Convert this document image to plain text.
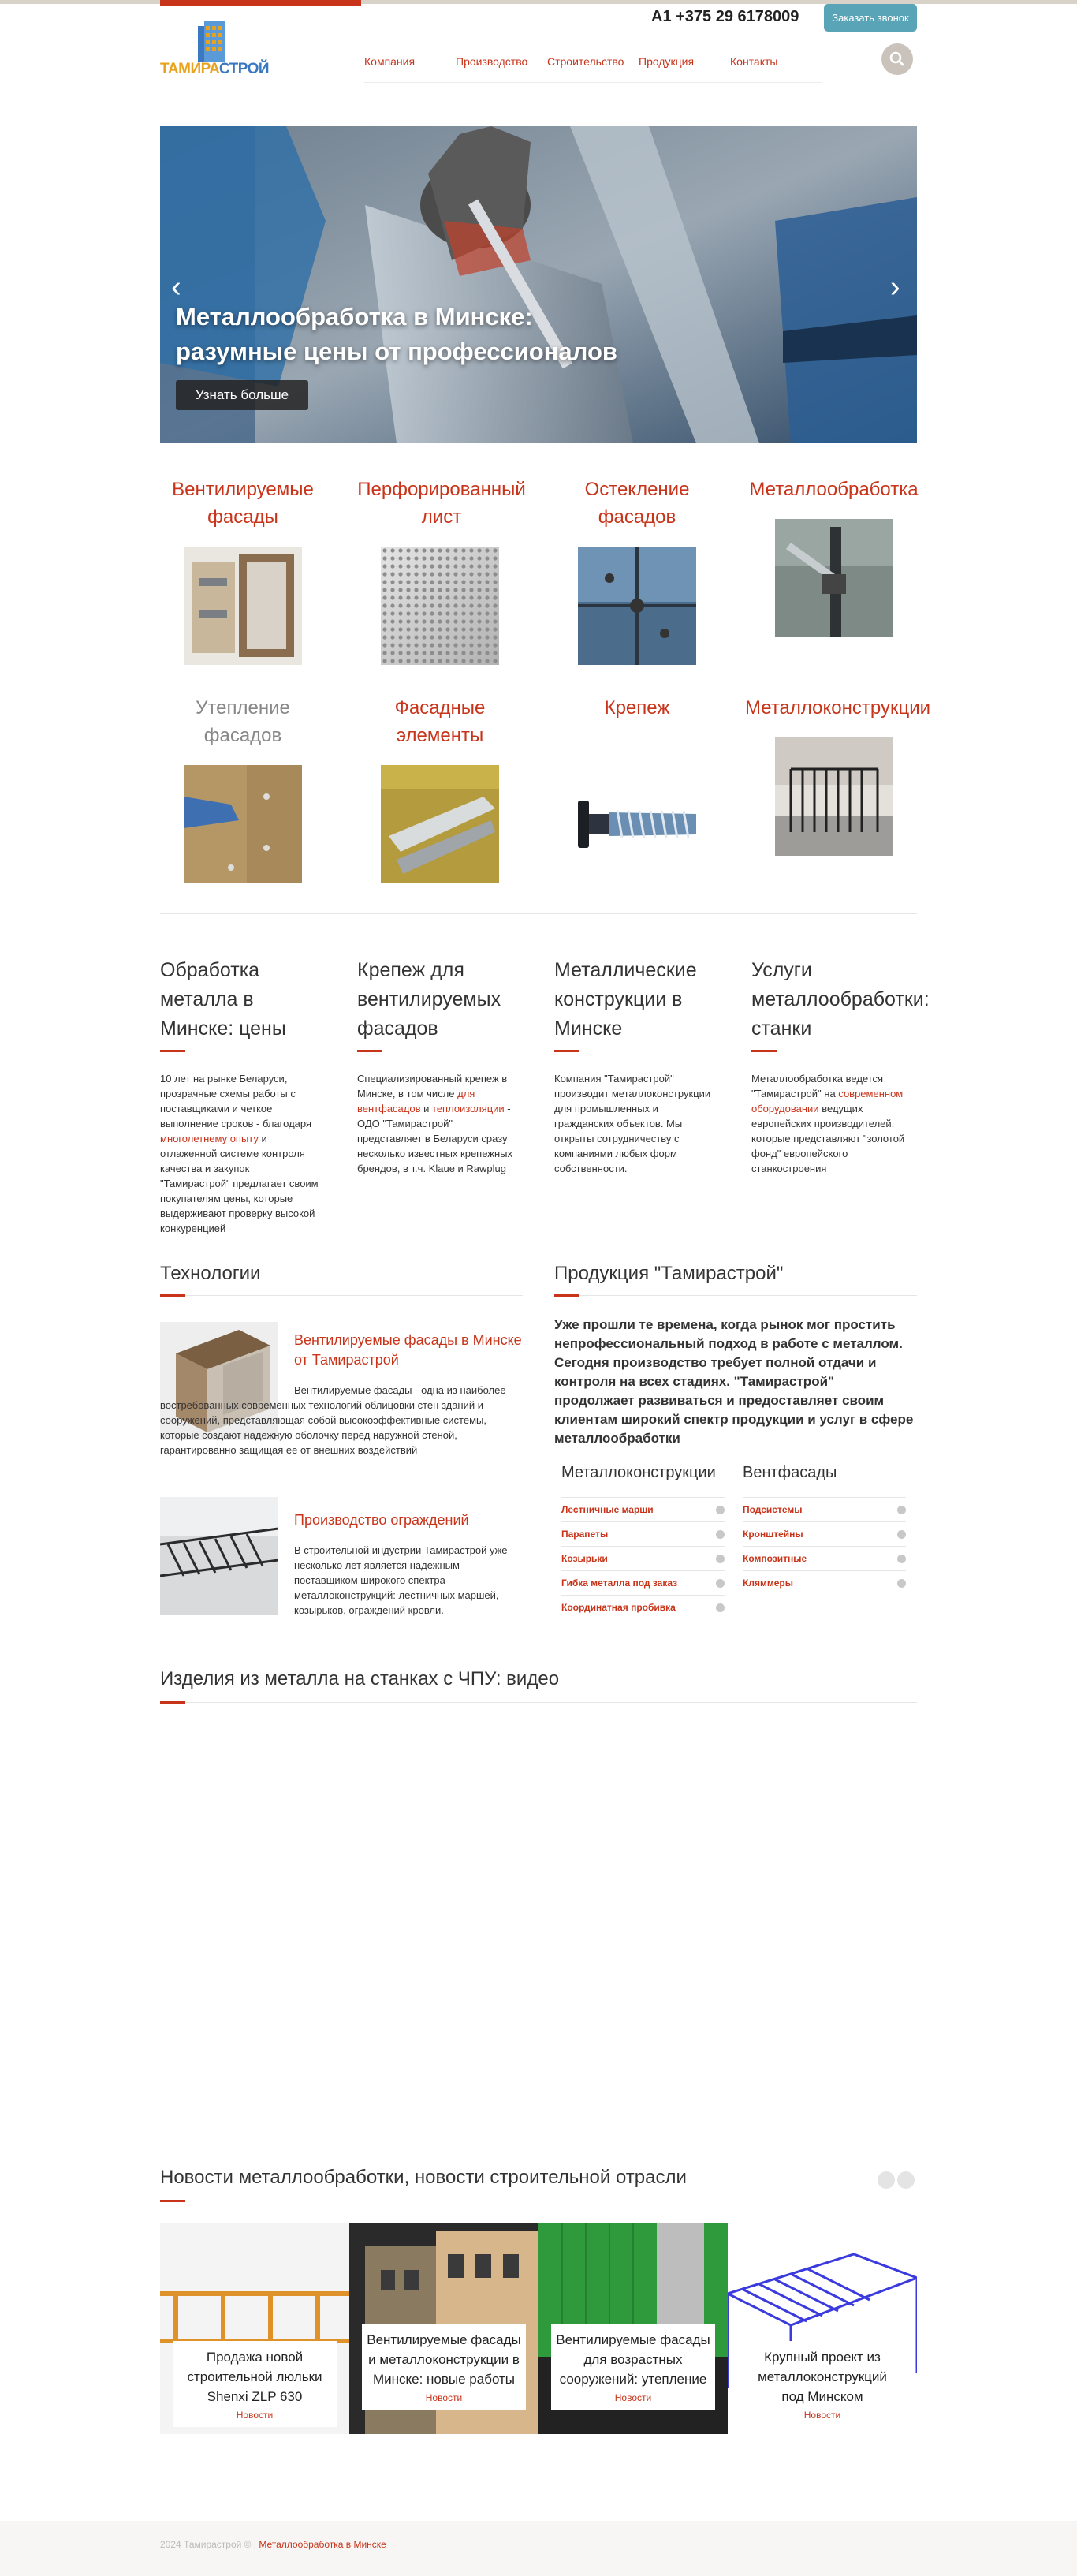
ТАМИРАСТРОЙ
A1 +375 29 6178009	Заказать звонок
Компания	Производство	Строительство	Продукция	Контакты
‹	›
Металлообработка в Минске:
разумные цены от профессионалов
Узнать больше
Вентилируемые
фасады
Перфорированный
лист
Остекление
фасадов
Металлообработка
Утепление
фасадов
Фасадные
элементы
Крепеж	Металлоконструкции
Обработка
металла в
Минске: цены
Крепеж для
вентилируемых
фасадов
Металлические
конструкции в
Минске
Услуги
металлообработки:
станки
10 лет на рынке Беларуси, прозрачные схемы работы с поставщиками и четкое выполнение сроков - благодаря многолетнему опыту и отлаженной системе контроля качества и закупок "Тамирастрой" предлагает своим покупателям цены, которые выдерживают проверку высокой конкуренцией
Специализированный крепеж в Минске, в том числе для вентфасадов и теплоизоляции - ОДО "Тамирастрой" представляет в Беларуси сразу несколько известных крепежных брендов, в т.ч. Klaue и Rawplug
Компания "Тамирастрой" производит металлоконструкции для промышленных и гражданских объектов. Мы открыты сотрудничеству с компаниями любых форм собственности.
Металлообработка ведется "Тамирастрой" на современном оборудовании ведущих европейских производителей, которые представляют "золотой фонд" европейского станкостроения
Технологии
Вентилируемые фасады в Минске от Тамирастрой
Вентилируемые фасады - одна из наиболее востребованных современных технологий облицовки стен зданий и сооружений, представляющая собой высокоэффективные системы, которые создают надежную оболочку перед наружной стеной, гарантированно защищая ее от внешних воздействий
Производство ограждений
В строительной индустрии Тамирастрой уже несколько лет является надежным поставщиком широкого спектра металлоконструкций: лестничных маршей, козырьков, ограждений кровли.
Продукция "Тамирастрой"
Уже прошли те времена, когда рынок мог простить непрофессиональный подход в работе с металлом. Сегодня производство требует полной отдачи и контроля на всех стадиях. "Тамирастрой" продолжает развиваться и предоставляет своим клиентам широкий спектр продукции и услуг в сфере металлообработки
Металлоконструкции Вентфасады
Лестничные марши
Парапеты
Козырьки
Гибка металла под заказ
Координатная пробивка
Подсистемы
Кронштейны
Композитные
Кляммеры
Изделия из металла на станках с ЧПУ: видео
Новости металлообработки, новости строительной отрасли
Продажа новой строительной люльки Shenxi ZLP 630
Новости
Вентилируемые фасады и металлоконструкции в Минске: новые работы
Новости
Вентилируемые фасады для возрастных сооружений: утепление
Новости
Крупный проект из металлоконструкций под Минском
Новости
2024 Тамирастрой © | Металлообработка в Минске
